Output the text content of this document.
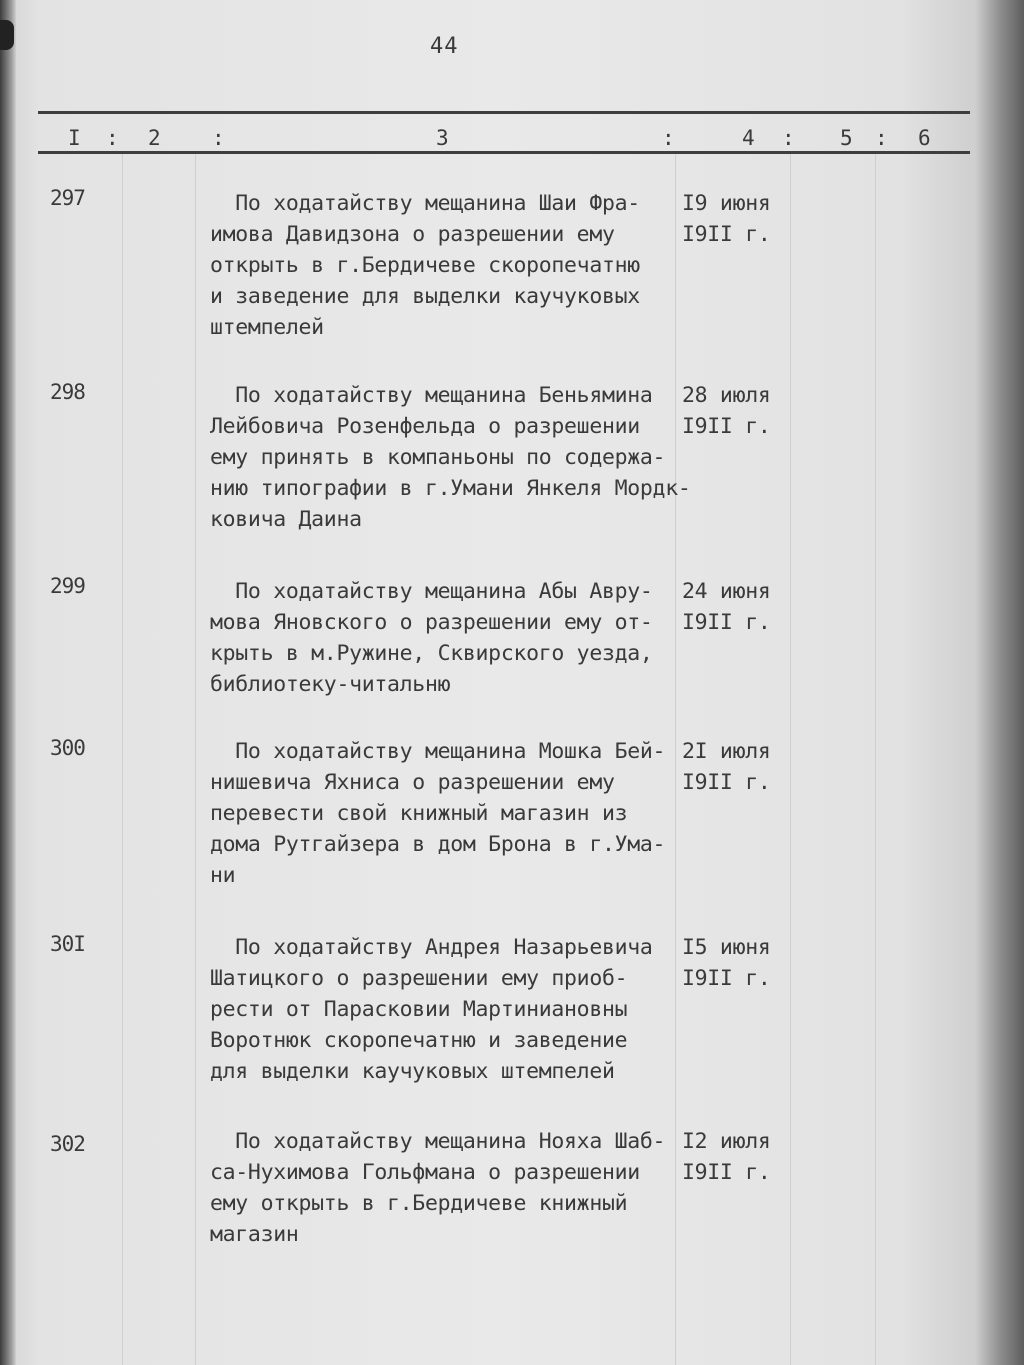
44
I : 2 :	3	:	4 : 5 : 6
297	По ходатайству мещанина Шаи Фра-
имова Давидзона о разрешении ему
открыть в г.Бердичеве скоропечатню
и заведение для выделки каучуковых
штемпелей
I9 июня
I9II г.
298	По ходатайству мещанина Беньямина
Лейбовича Розенфельда о разрешении
ему принять в компаньоны по содержа-
нию типографии в г.Умани Янкеля Мордк-
ковича Даина
28 июля
I9II г.
299	По ходатайству мещанина Абы Авру-
мова Яновского о разрешении ему от-
крыть в м.Ружине, Сквирского уезда,
библиотеку-читальню
24 июня
I9II г.
300	По ходатайству мещанина Мошка Бей-
нишевича Яхниса о разрешении ему
перевести свой книжный магазин из
дома Рутгайзера в дом Брона в г.Ума-
ни
2I июля
I9II г.
30I	По ходатайству Андрея Назарьевича
Шатицкого о разрешении ему приоб-
рести от Парасковии Мартиниановны
Воротнюк скоропечатню и заведение
для выделки каучуковых штемпелей
I5 июня
I9II г.
302	По ходатайству мещанина Нояха Шаб-
са-Нухимова Гольфмана о разрешении
ему открыть в г.Бердичеве книжный
магазин
I2 июля
I9II г.
